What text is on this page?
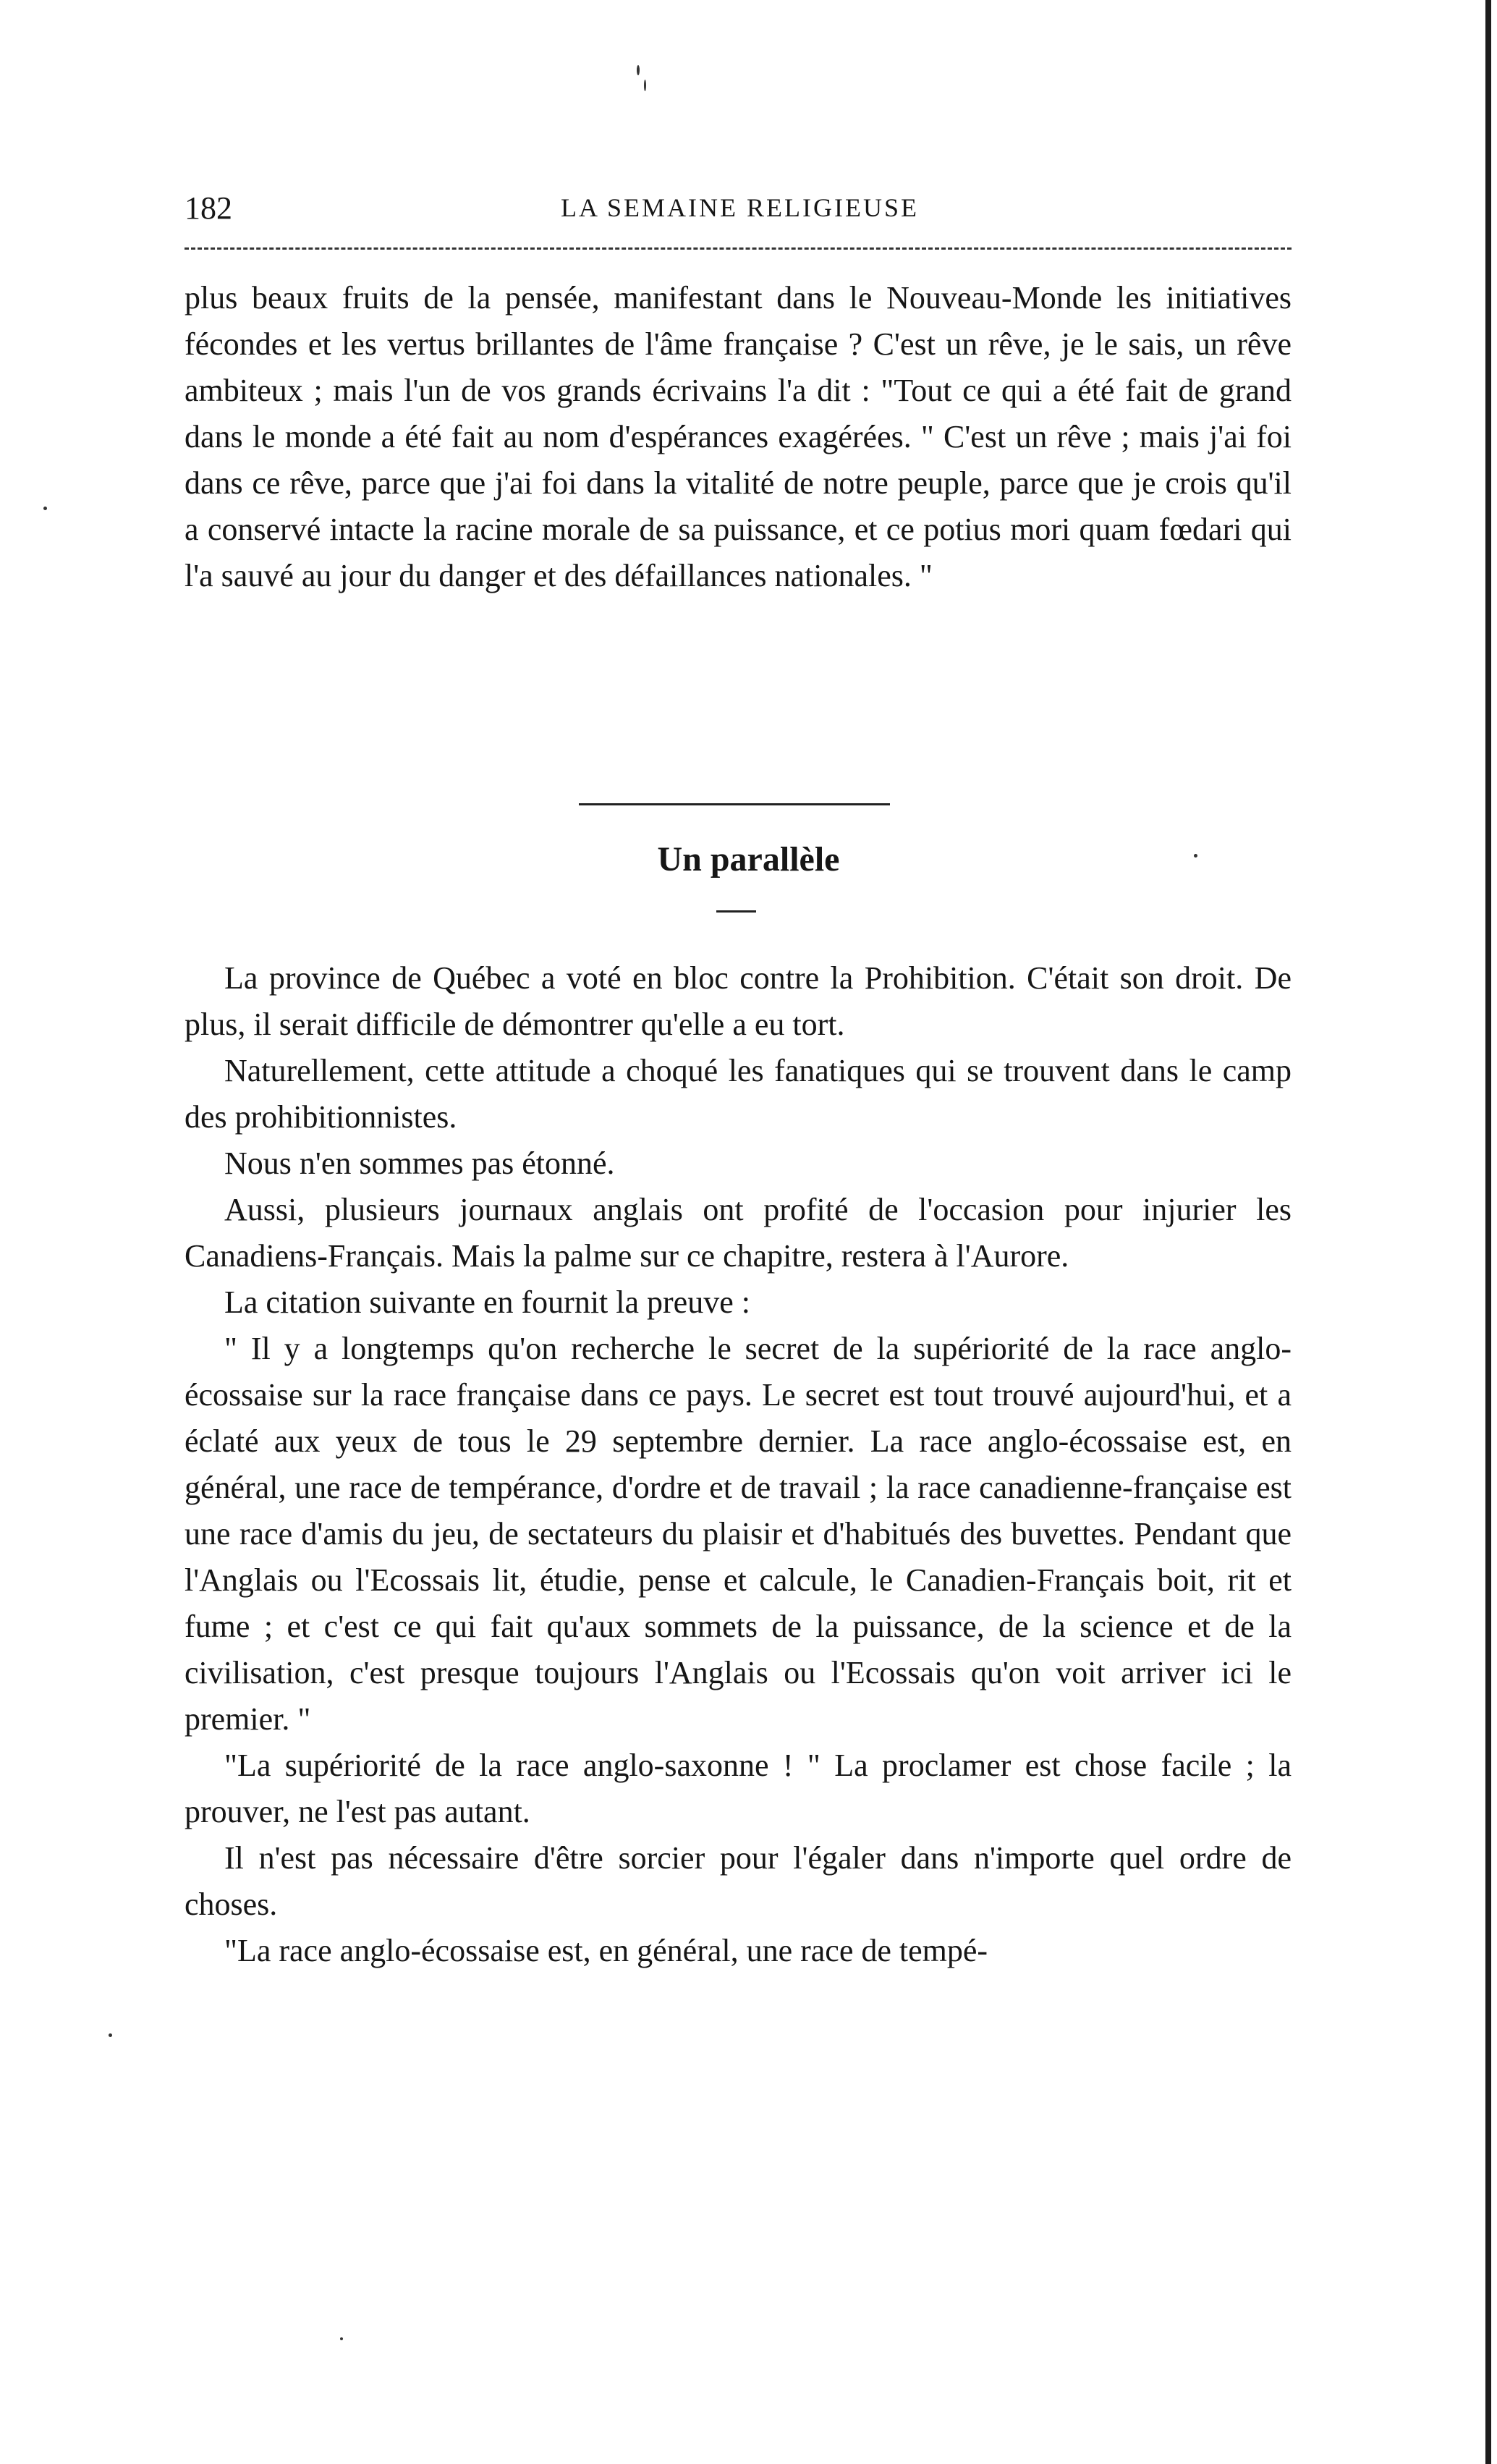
182	LA SEMAINE RELIGIEUSE

plus beaux fruits de la pensée, manifestant dans le Nouveau-Monde les initiatives fécondes et les vertus brillantes de l'âme française ? C'est un rêve, je le sais, un rêve ambiteux ; mais l'un de vos grands écrivains l'a dit : "Tout ce qui a été fait de grand dans le monde a été fait au nom d'espérances exagérées. " C'est un rêve ; mais j'ai foi dans ce rêve, parce que j'ai foi dans la vitalité de notre peuple, parce que je crois qu'il a conservé intacte la racine morale de sa puissance, et ce potius mori quam fœdari qui l'a sauvé au jour du danger et des défaillances nationales. "

Un parallèle

La province de Québec a voté en bloc contre la Prohibition. C'était son droit. De plus, il serait difficile de démontrer qu'elle a eu tort.

Naturellement, cette attitude a choqué les fanatiques qui se trouvent dans le camp des prohibitionnistes.

Nous n'en sommes pas étonné.

Aussi, plusieurs journaux anglais ont profité de l'occasion pour injurier les Canadiens-Français. Mais la palme sur ce chapitre, restera à l'Aurore.

La citation suivante en fournit la preuve :

" Il y a longtemps qu'on recherche le secret de la supériorité de la race anglo-écossaise sur la race française dans ce pays. Le secret est tout trouvé aujourd'hui, et a éclaté aux yeux de tous le 29 septembre dernier. La race anglo-écossaise est, en général, une race de tempérance, d'ordre et de travail ; la race canadienne-française est une race d'amis du jeu, de sectateurs du plaisir et d'habitués des buvettes. Pendant que l'Anglais ou l'Ecossais lit, étudie, pense et calcule, le Canadien-Français boit, rit et fume ; et c'est ce qui fait qu'aux sommets de la puissance, de la science et de la civilisation, c'est presque toujours l'Anglais ou l'Ecossais qu'on voit arriver ici le premier. "

"La supériorité de la race anglo-saxonne ! " La proclamer est chose facile ; la prouver, ne l'est pas autant.

Il n'est pas nécessaire d'être sorcier pour l'égaler dans n'importe quel ordre de choses.

"La race anglo-écossaise est, en général, une race de tempé-
